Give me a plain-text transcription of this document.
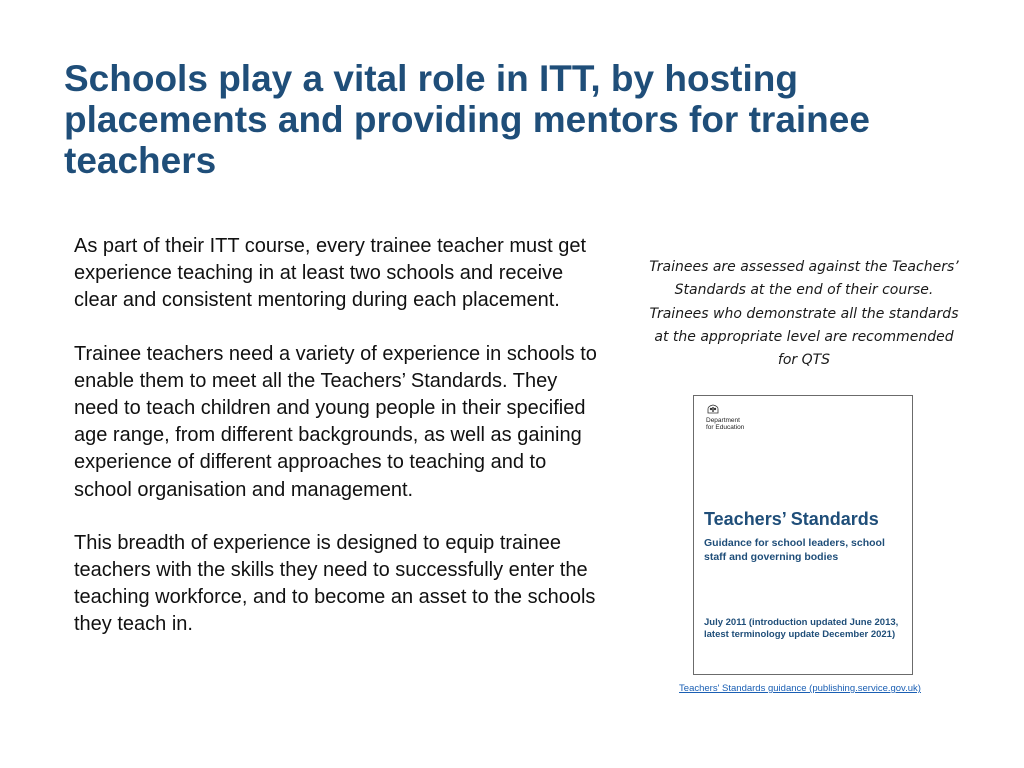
Schools play a vital role in ITT, by hosting placements and providing mentors for trainee teachers

As part of their ITT course, every trainee teacher must get experience teaching in at least two schools and receive clear and consistent mentoring during each placement.

Trainee teachers need a variety of experience in schools to enable them to meet all the Teachers’ Standards. They need to teach children and young people in their specified age range, from different backgrounds, as well as gaining experience of different approaches to teaching and to school organisation and management.

This breadth of experience is designed to equip trainee teachers with the skills they need to successfully enter the teaching workforce, and to become an asset to the schools they teach in.

Trainees are assessed against the Teachers’ Standards at the end of their course. Trainees who demonstrate all the standards at the appropriate level are recommended for QTS
Department
for Education
Teachers’ Standards
Guidance for school leaders, school staff and governing bodies
July 2011 (introduction updated June 2013, latest terminology update December 2021)
Teachers' Standards guidance (publishing.service.gov.uk)
